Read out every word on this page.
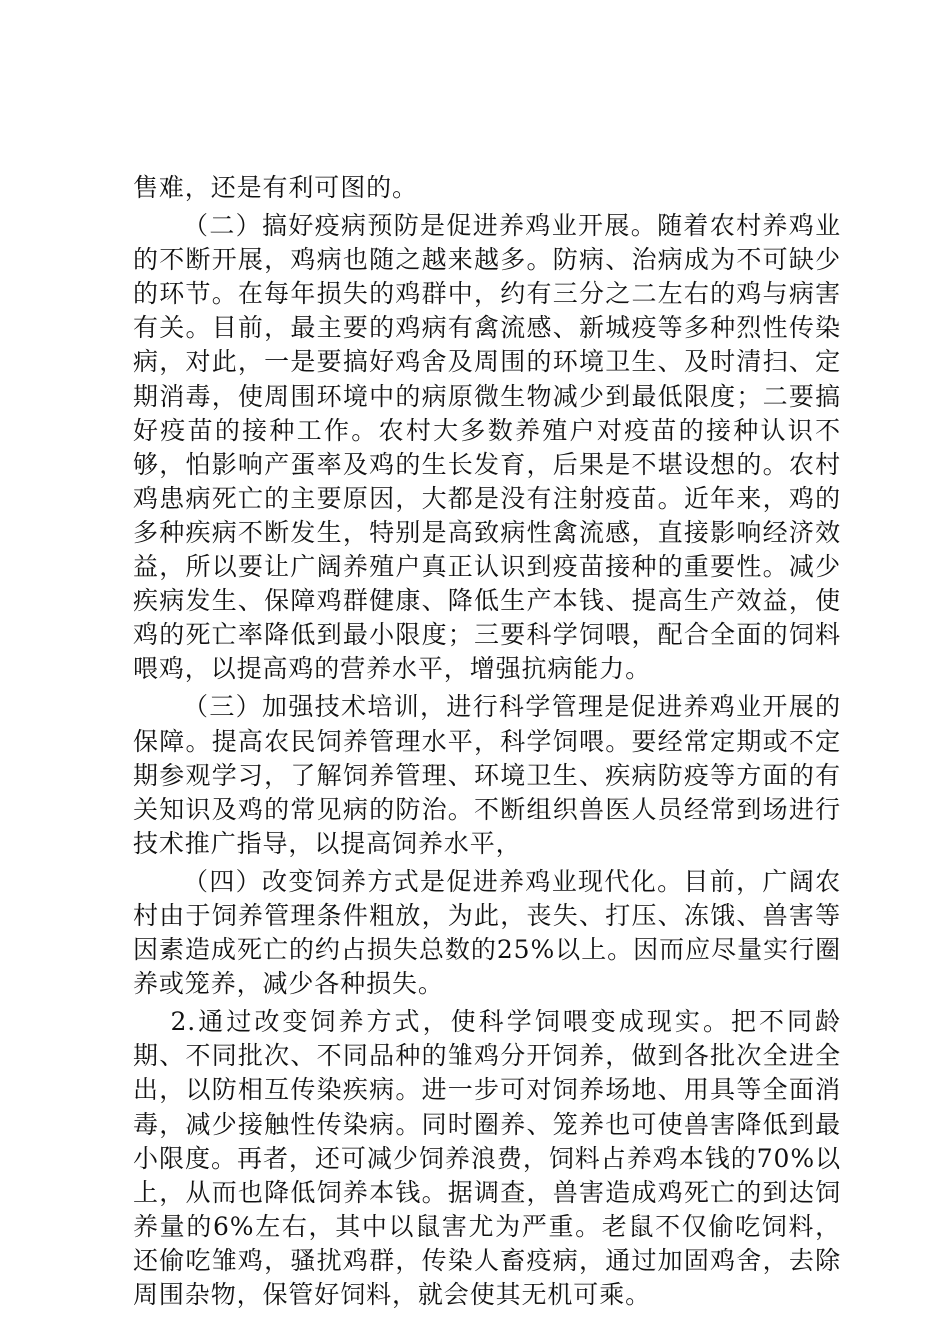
售难，还是有利可图的。

（二）搞好疫病预防是促进养鸡业开展。随着农村养鸡业的不断开展，鸡病也随之越来越多。防病、治病成为不可缺少的环节。在每年损失的鸡群中，约有三分之二左右的鸡与病害有关。目前，最主要的鸡病有禽流感、新城疫等多种烈性传染病，对此，一是要搞好鸡舍及周围的环境卫生、及时清扫、定期消毒，使周围环境中的病原微生物减少到最低限度；二要搞好疫苗的接种工作。农村大多数养殖户对疫苗的接种认识不够，怕影响产蛋率及鸡的生长发育，后果是不堪设想的。农村鸡患病死亡的主要原因，大都是没有注射疫苗。近年来，鸡的多种疾病不断发生，特别是高致病性禽流感，直接影响经济效益，所以要让广阔养殖户真正认识到疫苗接种的重要性。减少疾病发生、保障鸡群健康、降低生产本钱、提高生产效益，使鸡的死亡率降低到最小限度；三要科学饲喂，配合全面的饲料喂鸡，以提高鸡的营养水平，增强抗病能力。

（三）加强技术培训，进行科学管理是促进养鸡业开展的保障。提高农民饲养管理水平，科学饲喂。要经常定期或不定期参观学习，了解饲养管理、环境卫生、疾病防疫等方面的有关知识及鸡的常见病的防治。不断组织兽医人员经常到场进行技术推广指导，以提高饲养水平，

（四）改变饲养方式是促进养鸡业现代化。目前，广阔农村由于饲养管理条件粗放，为此，丧失、打压、冻饿、兽害等因素造成死亡的约占损失总数的25%以上。因而应尽量实行圈养或笼养，减少各种损失。

2.通过改变饲养方式，使科学饲喂变成现实。把不同龄期、不同批次、不同品种的雏鸡分开饲养，做到各批次全进全出，以防相互传染疾病。进一步可对饲养场地、用具等全面消毒，减少接触性传染病。同时圈养、笼养也可使兽害降低到最小限度。再者，还可减少饲养浪费，饲料占养鸡本钱的70%以上，从而也降低饲养本钱。据调查，兽害造成鸡死亡的到达饲养量的6%左右，其中以鼠害尤为严重。老鼠不仅偷吃饲料，还偷吃雏鸡，骚扰鸡群，传染人畜疫病，通过加固鸡舍，去除周围杂物，保管好饲料，就会使其无机可乘。
